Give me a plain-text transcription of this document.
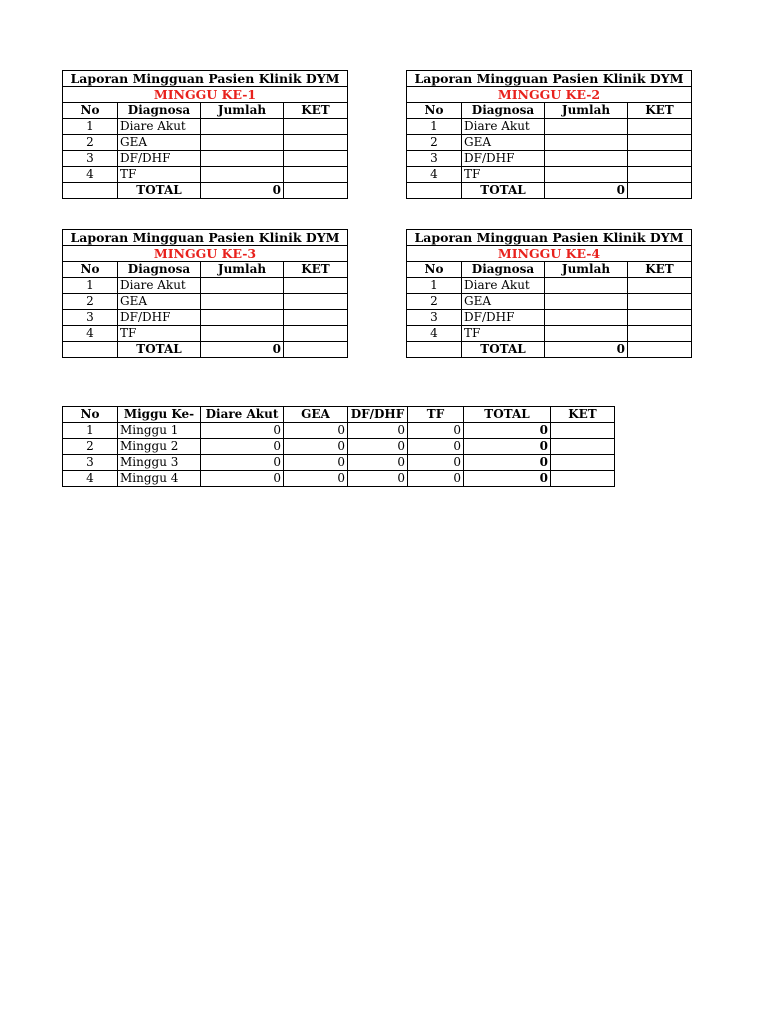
Laporan Mingguan Pasien Klinik DYM			
MINGGU KE-1			
No	Diagnosa	Jumlah	KET
1	Diare Akut		
2	GEA		
3	DF/DHF		
4	TF		
	TOTAL	0	
Laporan Mingguan Pasien Klinik DYM			
MINGGU KE-2			
No	Diagnosa	Jumlah	KET
1	Diare Akut		
2	GEA		
3	DF/DHF		
4	TF		
	TOTAL	0	
Laporan Mingguan Pasien Klinik DYM			
MINGGU KE-3			
No	Diagnosa	Jumlah	KET
1	Diare Akut		
2	GEA		
3	DF/DHF		
4	TF		
	TOTAL	0	
Laporan Mingguan Pasien Klinik DYM			
MINGGU KE-4			
No	Diagnosa	Jumlah	KET
1	Diare Akut		
2	GEA		
3	DF/DHF		
4	TF		
	TOTAL	0	
No	Miggu Ke-	Diare Akut	GEA	DF/DHF	TF	TOTAL	KET
1	Minggu 1	0	0	0	0	0	
2	Minggu 2	0	0	0	0	0	
3	Minggu 3	0	0	0	0	0	
4	Minggu 4	0	0	0	0	0	
